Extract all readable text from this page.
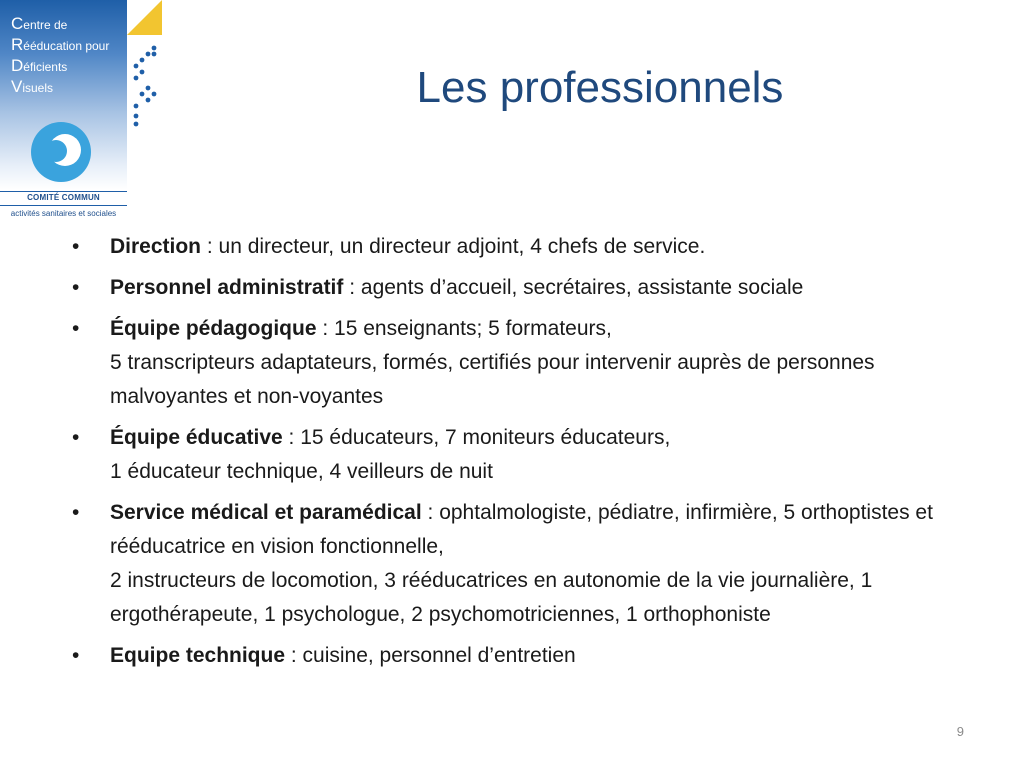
Centre de
Rééducation pour
Déficients
Visuels
COMITÉ COMMUN
activités sanitaires et sociales
Les professionnels
•	Direction : un directeur, un directeur adjoint, 4 chefs de service.
•	Personnel administratif : agents d’accueil, secrétaires, assistante sociale
•	Équipe pédagogique : 15 enseignants; 5 formateurs,
5 transcripteurs adaptateurs, formés, certifiés pour intervenir auprès de personnes malvoyantes et non-voyantes
•	Équipe éducative : 15 éducateurs, 7 moniteurs éducateurs,
1 éducateur technique, 4 veilleurs de nuit
•	Service médical et paramédical : ophtalmologiste, pédiatre, infirmière, 5 orthoptistes et rééducatrice en vision fonctionnelle,
2 instructeurs de locomotion, 3 rééducatrices en autonomie de la vie journalière, 1 ergothérapeute, 1 psychologue, 2 psychomotriciennes, 1 orthophoniste
•	Equipe technique : cuisine, personnel d’entretien
9
